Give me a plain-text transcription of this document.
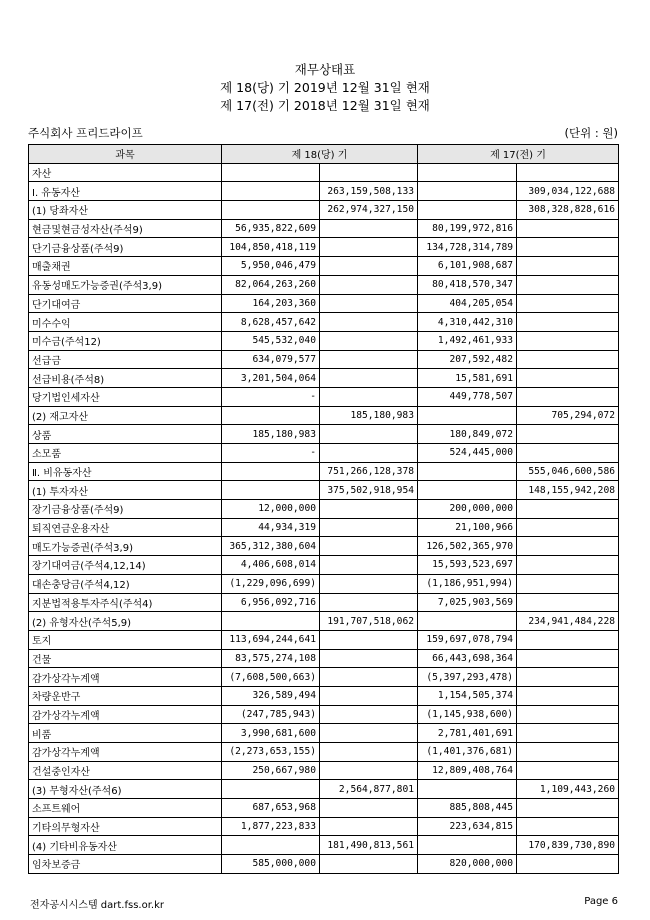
재무상태표
제 18(당) 기 2019년 12월 31일 현재
제 17(전) 기 2018년 12월 31일 현재
주식회사 프리드라이프	(단위 : 원)
과목	제 18(당) 기		제 17(전) 기	
자산				
Ⅰ. 유동자산		263,159,508,133		309,034,122,688
(1) 당좌자산		262,974,327,150		308,328,828,616
현금및현금성자산(주석9)	56,935,822,609		80,199,972,816	
단기금융상품(주석9)	104,850,418,119		134,728,314,789	
매출채권	5,950,046,479		6,101,908,687	
유동성매도가능증권(주석3,9)	82,064,263,260		80,418,570,347	
단기대여금	164,203,360		404,205,054	
미수수익	8,628,457,642		4,310,442,310	
미수금(주석12)	545,532,040		1,492,461,933	
선급금	634,079,577		207,592,482	
선급비용(주석8)	3,201,504,064		15,581,691	
당기법인세자산	-		449,778,507	
(2) 재고자산		185,180,983		705,294,072
상품	185,180,983		180,849,072	
소모품	-		524,445,000	
Ⅱ. 비유동자산		751,266,128,378		555,046,600,586
(1) 투자자산		375,502,918,954		148,155,942,208
장기금융상품(주석9)	12,000,000		200,000,000	
퇴직연금운용자산	44,934,319		21,100,966	
매도가능증권(주석3,9)	365,312,380,604		126,502,365,970	
장기대여금(주석4,12,14)	4,406,608,014		15,593,523,697	
대손충당금(주석4,12)	(1,229,096,699)		(1,186,951,994)	
지분법적용투자주식(주석4)	6,956,092,716		7,025,903,569	
(2) 유형자산(주석5,9)		191,707,518,062		234,941,484,228
토지	113,694,244,641		159,697,078,794	
건물	83,575,274,108		66,443,698,364	
감가상각누계액	(7,608,500,663)		(5,397,293,478)	
차량운반구	326,589,494		1,154,505,374	
감가상각누계액	(247,785,943)		(1,145,938,600)	
비품	3,990,681,600		2,781,401,691	
감가상각누계액	(2,273,653,155)		(1,401,376,681)	
건설중인자산	250,667,980		12,809,408,764	
(3) 무형자산(주석6)		2,564,877,801		1,109,443,260
소프트웨어	687,653,968		885,808,445	
기타의무형자산	1,877,223,833		223,634,815	
(4) 기타비유동자산		181,490,813,561		170,839,730,890
임차보증금	585,000,000		820,000,000	
전자공시시스템 dart.fss.or.kr	Page 6
